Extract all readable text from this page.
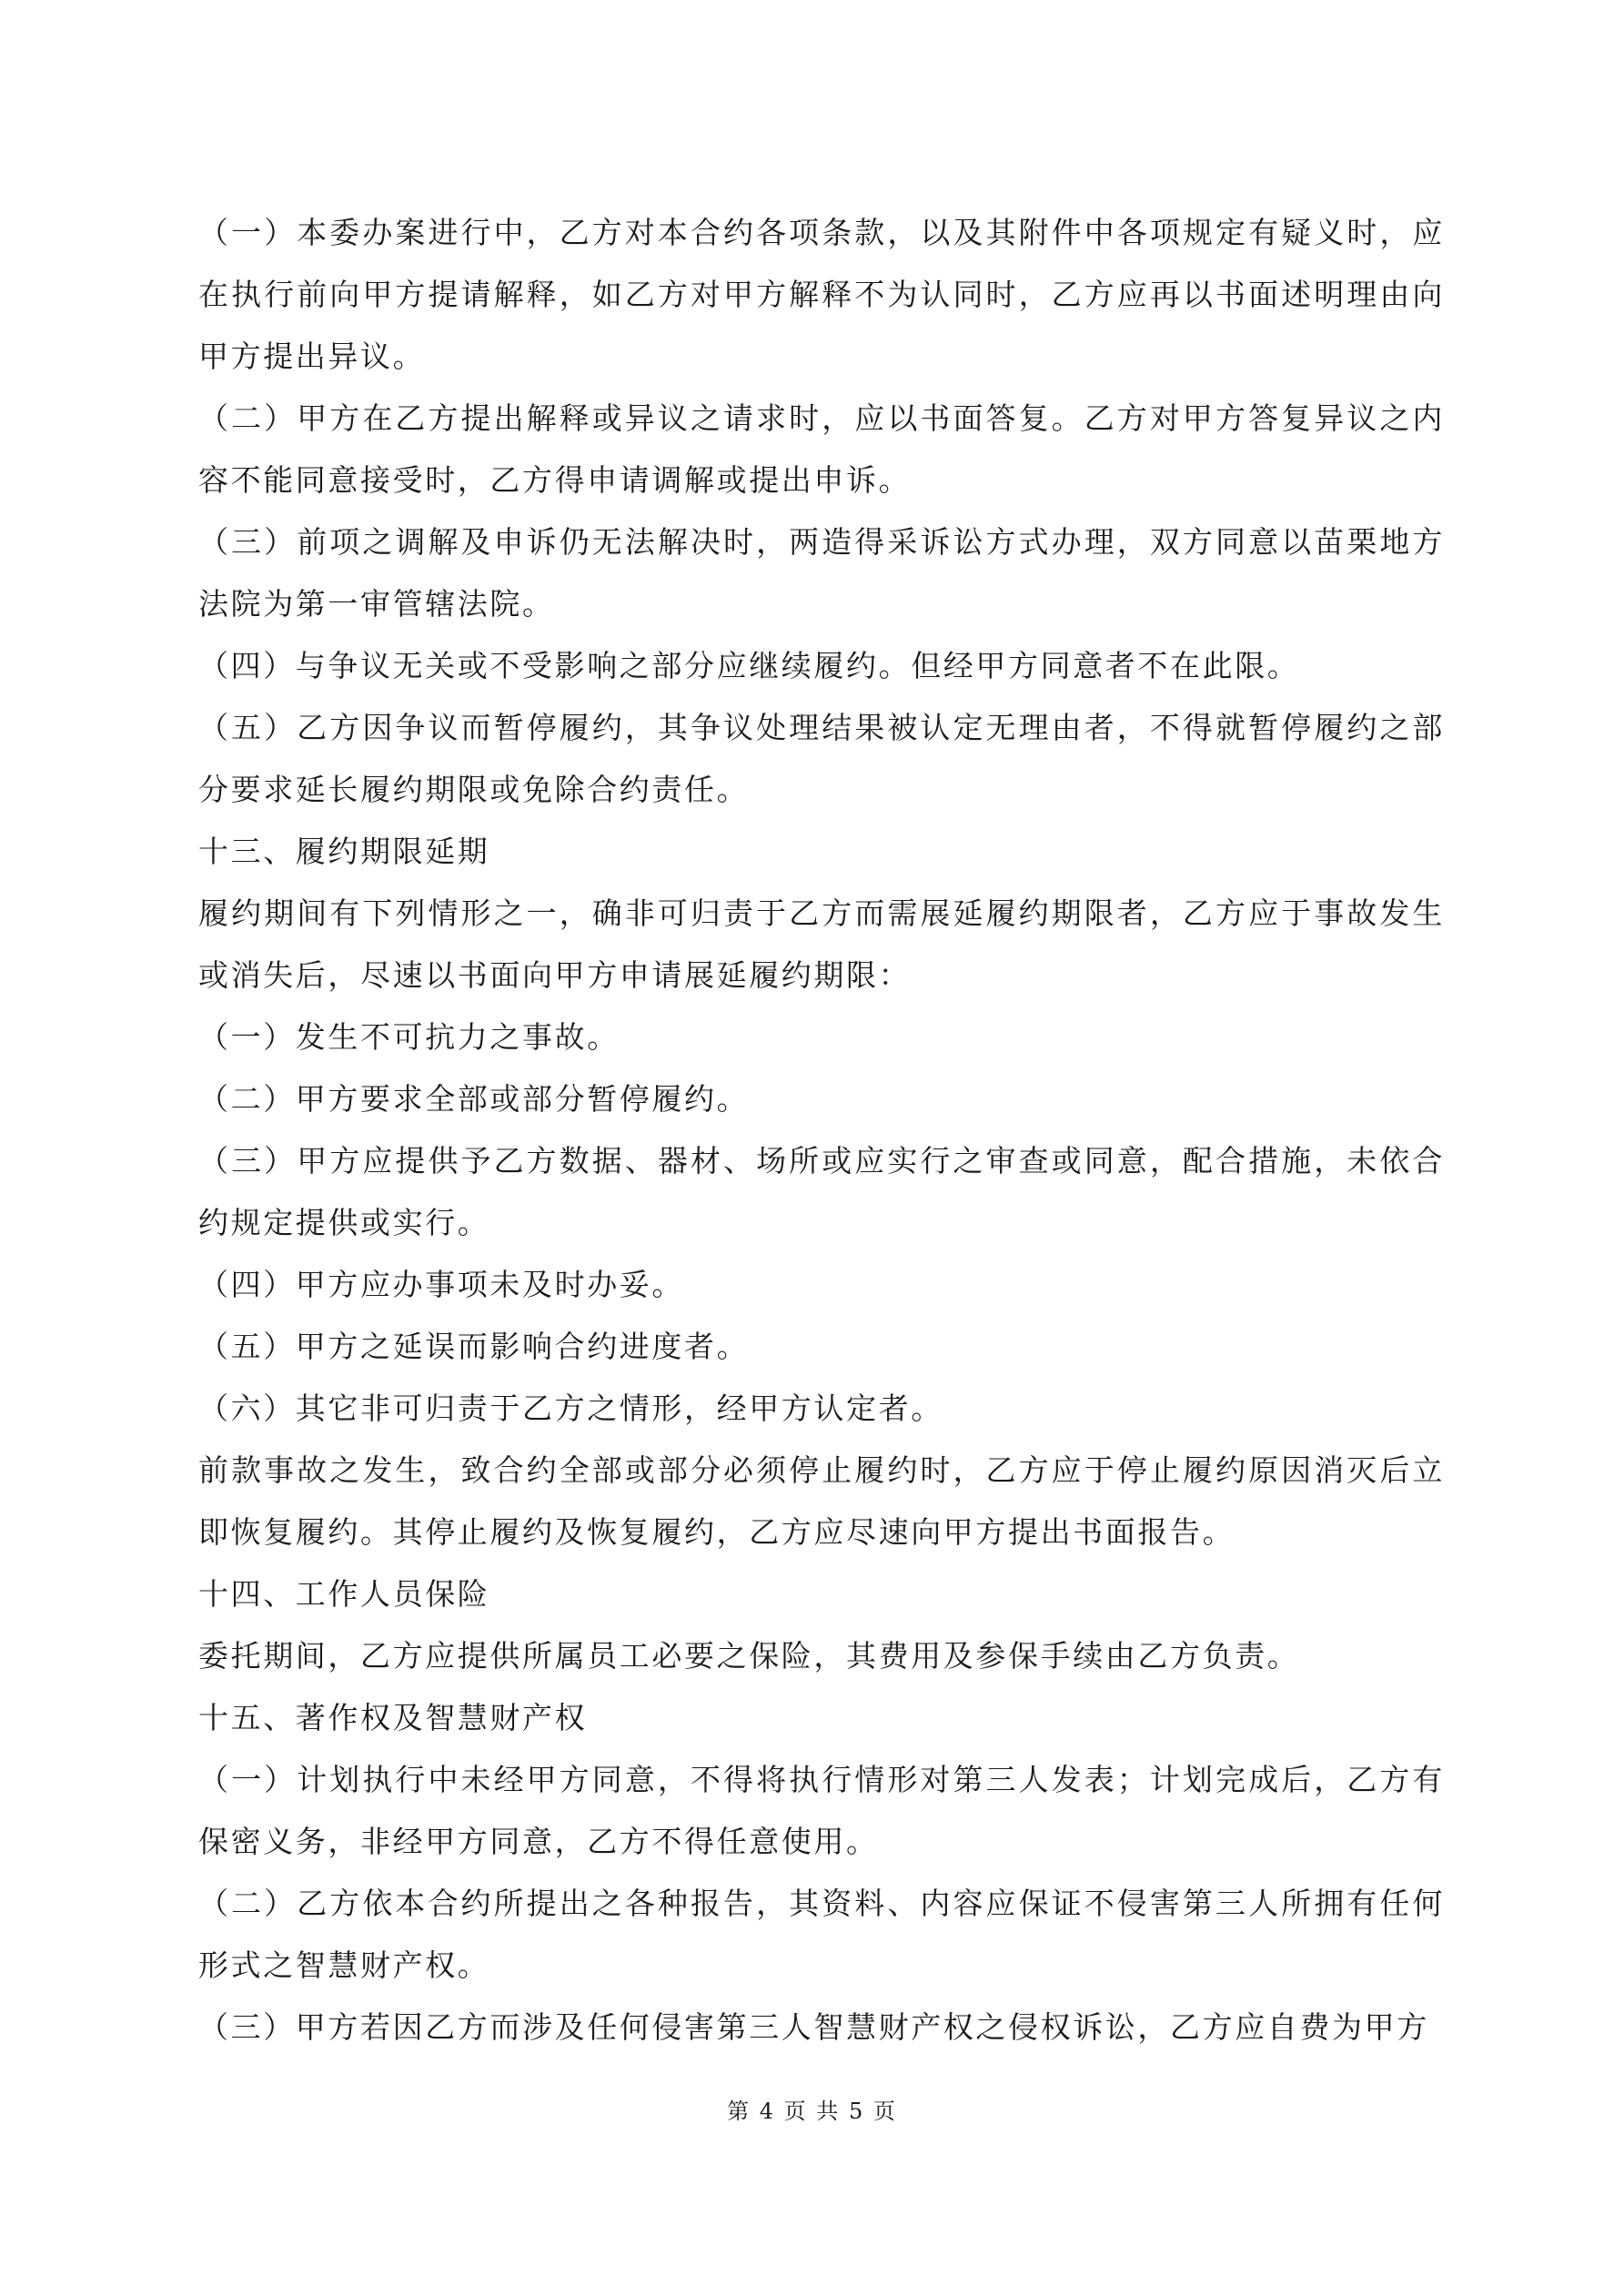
（一）本委办案进行中，乙方对本合约各项条款，以及其附件中各项规定有疑义时，应在执行前向甲方提请解释，如乙方对甲方解释不为认同时，乙方应再以书面述明理由向甲方提出异议。

（二）甲方在乙方提出解释或异议之请求时，应以书面答复。乙方对甲方答复异议之内容不能同意接受时，乙方得申请调解或提出申诉。

（三）前项之调解及申诉仍无法解决时，两造得采诉讼方式办理，双方同意以苗栗地方法院为第一审管辖法院。

（四）与争议无关或不受影响之部分应继续履约。但经甲方同意者不在此限。

（五）乙方因争议而暂停履约，其争议处理结果被认定无理由者，不得就暂停履约之部分要求延长履约期限或免除合约责任。

十三、履约期限延期

履约期间有下列情形之一，确非可归责于乙方而需展延履约期限者，乙方应于事故发生或消失后，尽速以书面向甲方申请展延履约期限：

（一）发生不可抗力之事故。

（二）甲方要求全部或部分暂停履约。

（三）甲方应提供予乙方数据、器材、场所或应实行之审查或同意，配合措施，未依合约规定提供或实行。

（四）甲方应办事项未及时办妥。

（五）甲方之延误而影响合约进度者。

（六）其它非可归责于乙方之情形，经甲方认定者。

前款事故之发生，致合约全部或部分必须停止履约时，乙方应于停止履约原因消灭后立即恢复履约。其停止履约及恢复履约，乙方应尽速向甲方提出书面报告。

十四、工作人员保险

委托期间，乙方应提供所属员工必要之保险，其费用及参保手续由乙方负责。

十五、著作权及智慧财产权

（一）计划执行中未经甲方同意，不得将执行情形对第三人发表；计划完成后，乙方有保密义务，非经甲方同意，乙方不得任意使用。

（二）乙方依本合约所提出之各种报告，其资料、内容应保证不侵害第三人所拥有任何形式之智慧财产权。

（三）甲方若因乙方而涉及任何侵害第三人智慧财产权之侵权诉讼，乙方应自费为甲方

第 4 页 共 5 页
